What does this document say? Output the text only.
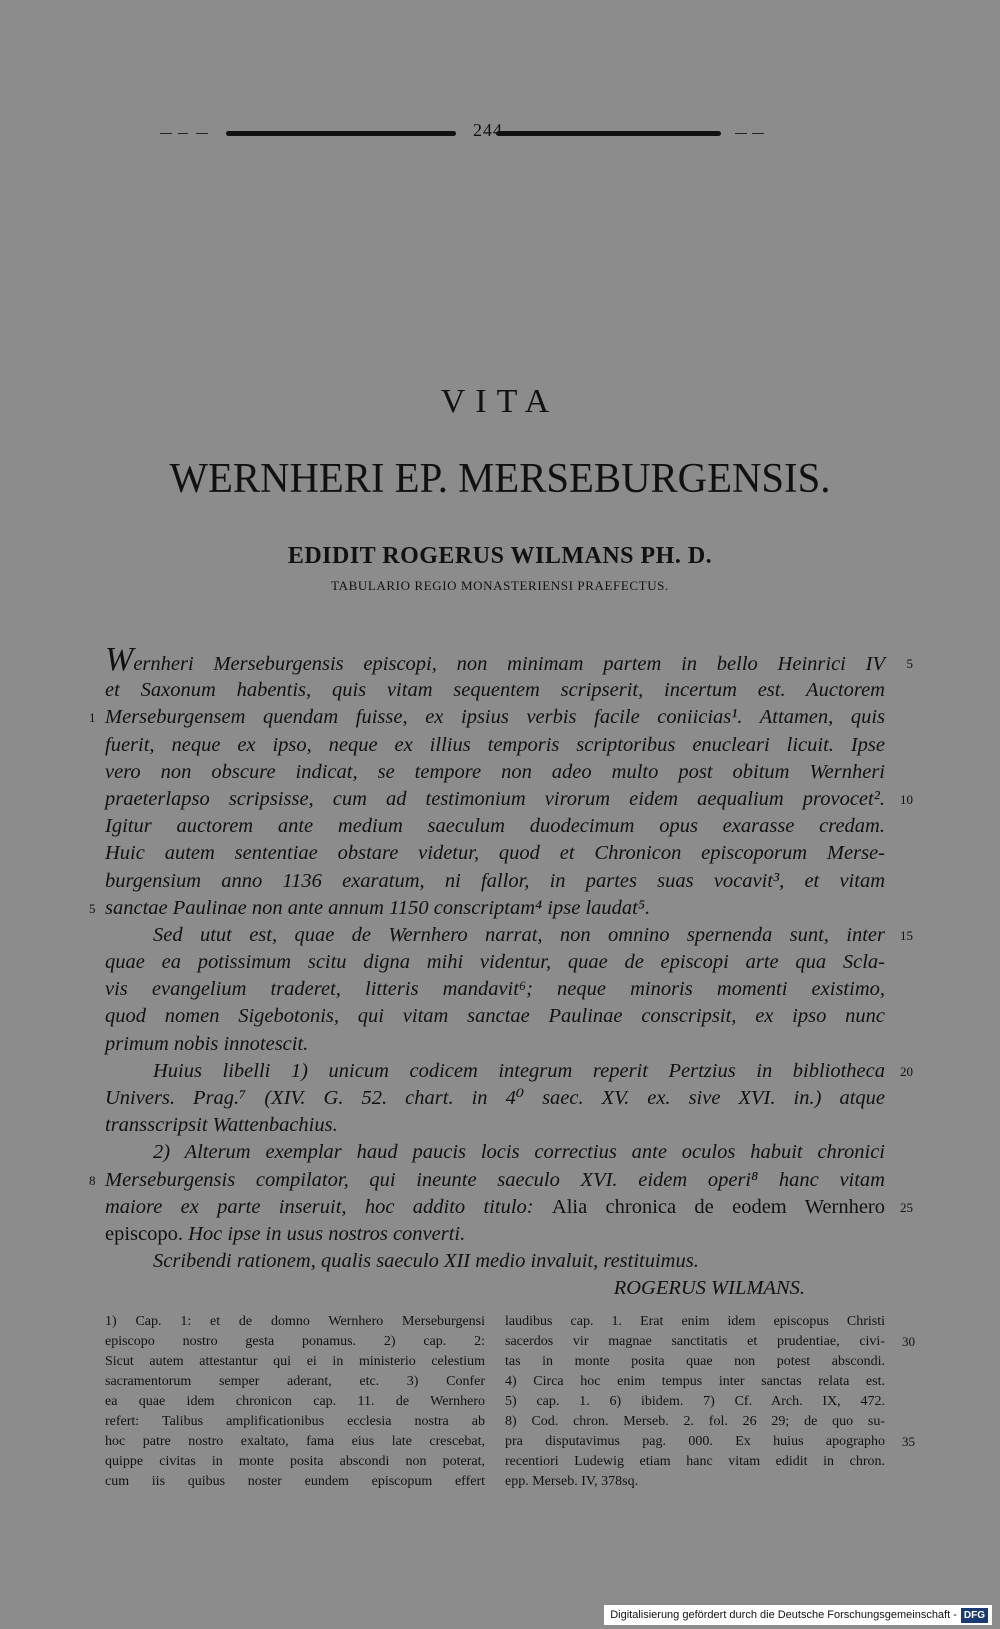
244
VITA
WERNHERI EP. MERSEBURGENSIS.
EDIDIT ROGERUS WILMANS PH. D.
TABULARIO REGIO MONASTERIENSI PRAEFECTUS.
Wernheri Merseburgensis episcopi, non minimam partem in bello Heinrici IV 5
et Saxonum habentis, quis vitam sequentem scripserit, incertum est. Auctorem
1 Merseburgensem quendam fuisse, ex ipsius verbis facile coniicias¹. Attamen, quis
fuerit, neque ex ipso, neque ex illius temporis scriptoribus enucleari licuit. Ipse
vero non obscure indicat, se tempore non adeo multo post obitum Wernheri
praeterlapso scripsisse, cum ad testimonium virorum eidem aequalium provocet². 10
Igitur auctorem ante medium saeculum duodecimum opus exarasse credam.
Huic autem sententiae obstare videtur, quod et Chronicon episcoporum Merse-
burgensium anno 1136 exaratum, ni fallor, in partes suas vocavit³, et vitam
5 sanctae Paulinae non ante annum 1150 conscriptam⁴ ipse laudat⁵.
Sed utut est, quae de Wernhero narrat, non omnino spernenda sunt, inter 15
quae ea potissimum scitu digna mihi videntur, quae de episcopi arte qua Scla-
vis evangelium traderet, litteris mandavit⁶; neque minoris momenti existimo,
quod nomen Sigebotonis, qui vitam sanctae Paulinae conscripsit, ex ipso nunc
primum nobis innotescit.
Huius libelli 1) unicum codicem integrum reperit Pertzius in bibliotheca 20
Univers. Prag.⁷ (XIV. G. 52. chart. in 4⁰ saec. XV. ex. sive XVI. in.) atque
transscripsit Wattenbachius.
2) Alterum exemplar haud paucis locis correctius ante oculos habuit chronici
8 Merseburgensis compilator, qui ineunte saeculo XVI. eidem operi⁸ hanc vitam
maiore ex parte inseruit, hoc addito titulo: Alia chronica de eodem Wernhero 25
episcopo. Hoc ipse in usus nostros converti.
Scribendi rationem, qualis saeculo XII medio invaluit, restituimus.
ROGERUS WILMANS.
1) Cap. 1: et de domno Wernhero Merseburgensi
episcopo nostro gesta ponamus. 2) cap. 2:
Sicut autem attestantur qui ei in ministerio celestium
sacramentorum semper aderant, etc. 3) Confer
ea quae idem chronicon cap. 11. de Wernhero
refert: Talibus amplificationibus ecclesia nostra ab
hoc patre nostro exaltato, fama eius late crescebat,
quippe civitas in monte posita abscondi non poterat,
cum iis quibus noster eundem episcopum effert
laudibus cap. 1. Erat enim idem episcopus Christi
sacerdos vir magnae sanctitatis et prudentiae, civi- 30
tas in monte posita quae non potest abscondi.
4) Circa hoc enim tempus inter sanctas relata est.
5) cap. 1. 6) ibidem. 7) Cf. Arch. IX, 472.
8) Cod. chron. Merseb. 2. fol. 26 29; de quo su-
pra disputavimus pag. 000. Ex huius apographo 35
recentiori Ludewig etiam hanc vitam edidit in chron.
epp. Merseb. IV, 378sq.
Digitalisierung gefördert durch die Deutsche Forschungsgemeinschaft - DFG
